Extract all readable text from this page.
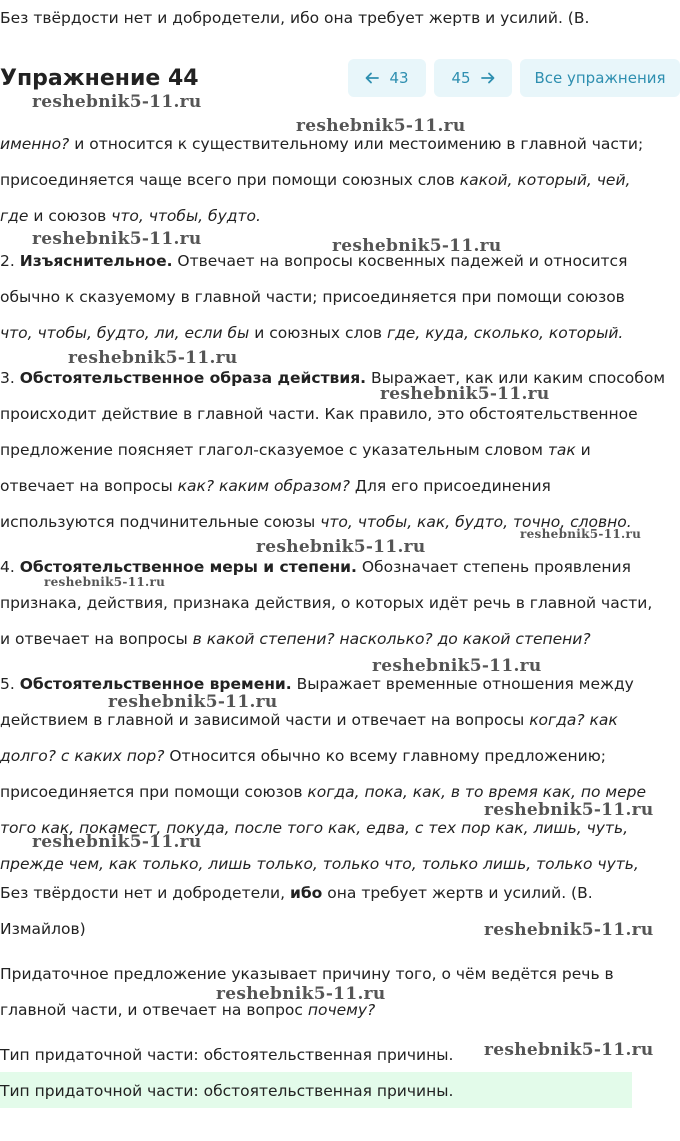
Без твёрдости нет и добродетели, ибо она требует жертв и усилий. (В.
Упражнение 44	43	45	Все упражнения
именно? и относится к существительному или местоимению в главной части;
присоединяется чаще всего при помощи союзных слов какой, который, чей,
где и союзов что, чтобы, будто.
2. Изъяснительное. Отвечает на вопросы косвенных падежей и относится
обычно к сказуемому в главной части; присоединяется при помощи союзов
что, чтобы, будто, ли, если бы и союзных слов где, куда, сколько, который.
3. Обстоятельственное образа действия. Выражает, как или каким способом
происходит действие в главной части. Как правило, это обстоятельственное
предложение поясняет глагол-сказуемое с указательным словом так и
отвечает на вопросы как? каким образом? Для его присоединения
используются подчинительные союзы что, чтобы, как, будто, точно, словно.
4. Обстоятельственное меры и степени. Обозначает степень проявления
признака, действия, признака действия, о которых идёт речь в главной части,
и отвечает на вопросы в какой степени? насколько? до какой степени?
5. Обстоятельственное времени. Выражает временные отношения между
действием в главной и зависимой части и отвечает на вопросы когда? как
долго? с каких пор? Относится обычно ко всему главному предложению;
присоединяется при помощи союзов когда, пока, как, в то время как, по мере
того как, покамест, покуда, после того как, едва, с тех пор как, лишь, чуть,
прежде чем, как только, лишь только, только что, только лишь, только чуть,
Без твёрдости нет и добродетели, ибо она требует жертв и усилий. (В.
Измайлов)
Придаточное предложение указывает причину того, о чём ведётся речь в
главной части, и отвечает на вопрос почему?
Тип придаточной части: обстоятельственная причины.
Тип придаточной части: обстоятельственная причины.
reshebnik5-11.ru
reshebnik5-11.ru
reshebnik5-11.ru	reshebnik5-11.ru
reshebnik5-11.ru
reshebnik5-11.ru
reshebnik5-11.ru
reshebnik5-11.ru
reshebnik5-11.ru
reshebnik5-11.ru
reshebnik5-11.ru
reshebnik5-11.ru
reshebnik5-11.ru
reshebnik5-11.ru
reshebnik5-11.ru
reshebnik5-11.ru
